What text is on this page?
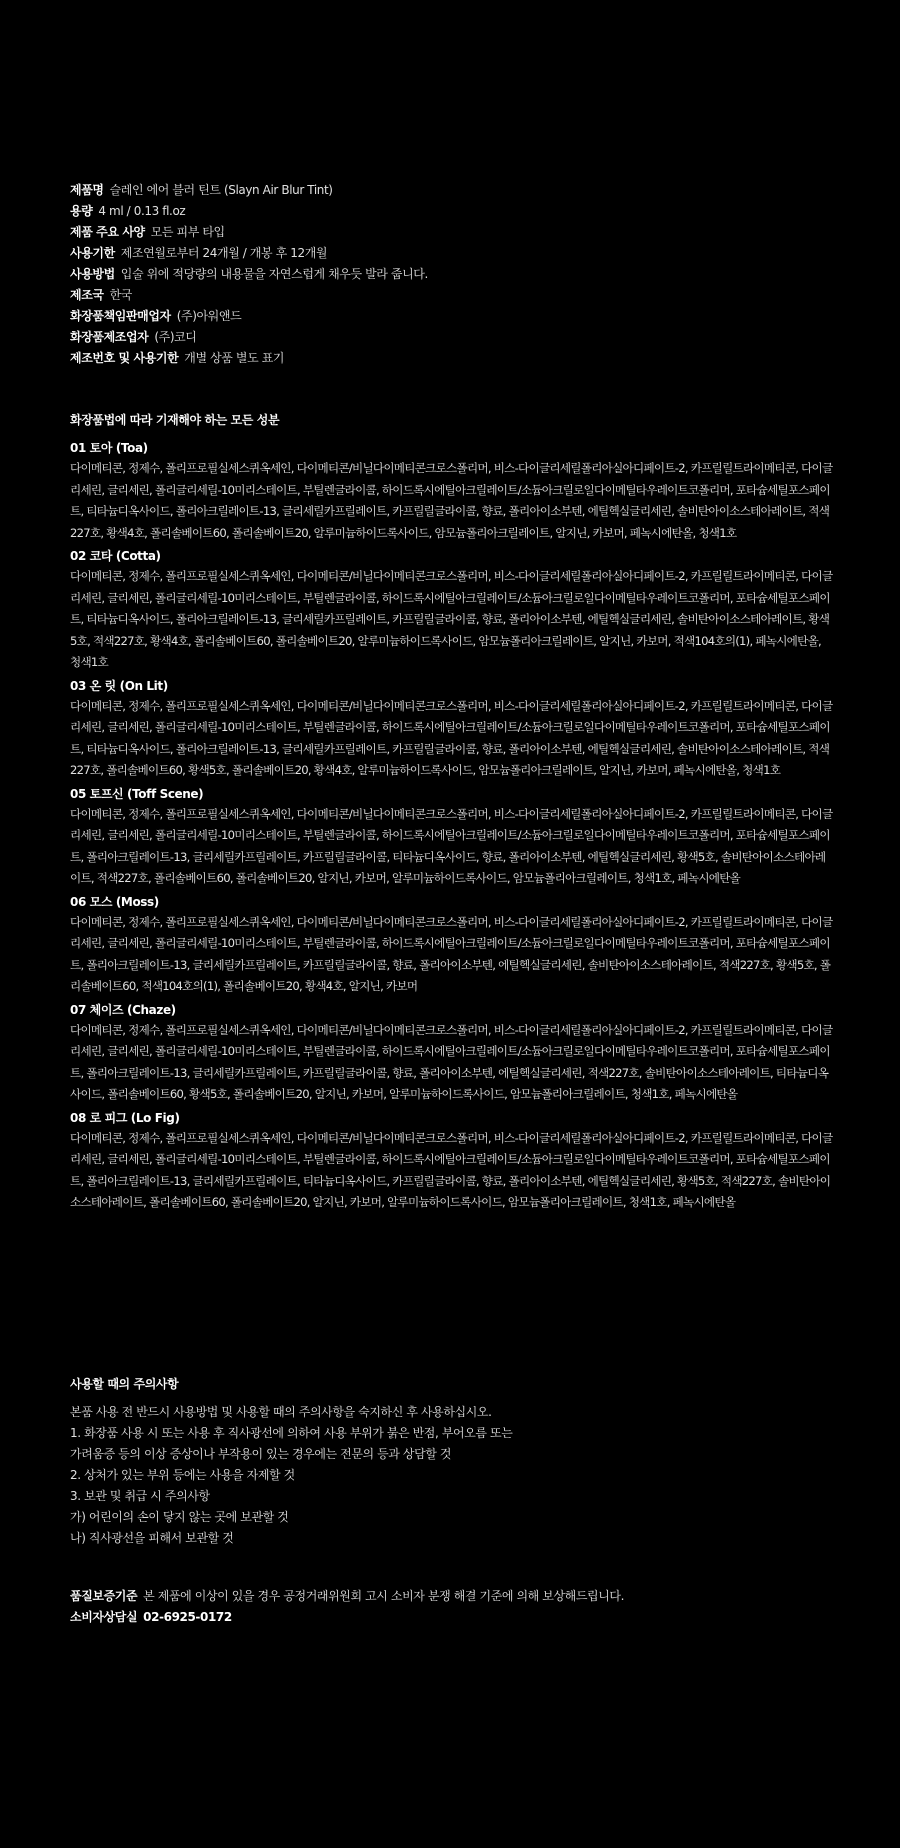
제품명 슬레인 에어 블러 틴트 (Slayn Air Blur Tint)
용량 4 ml / 0.13 fl.oz
제품 주요 사양 모든 피부 타입
사용기한 제조연월로부터 24개월 / 개봉 후 12개월
사용방법 입술 위에 적당량의 내용물을 자연스럽게 채우듯 발라 줍니다.
제조국 한국
화장품책임판매업자 (주)아워앤드
화장품제조업자 (주)코디
제조번호 및 사용기한 개별 상품 별도 표기
화장품법에 따라 기재해야 하는 모든 성분
01 토아 (Toa)
다이메티콘, 정제수, 폴리프로필실세스퀴옥세인, 다이메티콘/비닐다이메티콘크로스폴리머, 비스-다이글리세릴폴리아실아디페이트-2, 카프릴릴트라이메티콘, 다이글리세린, 글리세린, 폴리글리세릴-10미리스테이트, 부틸렌글라이콜, 하이드록시에틸아크릴레이트/소듐아크릴로일다이메틸타우레이트코폴리머, 포타슘세틸포스페이트, 티타늄디옥사이드, 폴리아크릴레이트-13, 글리세릴카프릴레이트, 카프릴릴글라이콜, 향료, 폴리아이소부텐, 에틸헥실글리세린, 솔비탄아이소스테아레이트, 적색227호, 황색4호, 폴리솔베이트60, 폴리솔베이트20, 알루미늄하이드록사이드, 암모늄폴리아크릴레이트, 알지닌, 카보머, 페녹시에탄올, 청색1호
02 코타 (Cotta)
다이메티콘, 정제수, 폴리프로필실세스퀴옥세인, 다이메티콘/비닐다이메티콘크로스폴리머, 비스-다이글리세릴폴리아실아디페이트-2, 카프릴릴트라이메티콘, 다이글리세린, 글리세린, 폴리글리세릴-10미리스테이트, 부틸렌글라이콜, 하이드록시에틸아크릴레이트/소듐아크릴로일다이메틸타우레이트코폴리머, 포타슘세틸포스페이트, 티타늄디옥사이드, 폴리아크릴레이트-13, 글리세릴카프릴레이트, 카프릴릴글라이콜, 향료, 폴리아이소부텐, 에틸헥실글리세린, 솔비탄아이소스테아레이트, 황색5호, 적색227호, 황색4호, 폴리솔베이트60, 폴리솔베이트20, 알루미늄하이드록사이드, 암모늄폴리아크릴레이트, 알지닌, 카보머, 적색104호의(1), 페녹시에탄올, 청색1호
03 온 릿 (On Lit)
다이메티콘, 정제수, 폴리프로필실세스퀴옥세인, 다이메티콘/비닐다이메티콘크로스폴리머, 비스-다이글리세릴폴리아실아디페이트-2, 카프릴릴트라이메티콘, 다이글리세린, 글리세린, 폴리글리세릴-10미리스테이트, 부틸렌글라이콜, 하이드록시에틸아크릴레이트/소듐아크릴로일다이메틸타우레이트코폴리머, 포타슘세틸포스페이트, 티타늄디옥사이드, 폴리아크릴레이트-13, 글리세릴카프릴레이트, 카프릴릴글라이콜, 향료, 폴리아이소부텐, 에틸헥실글리세린, 솔비탄아이소스테아레이트, 적색227호, 폴리솔베이트60, 황색5호, 폴리솔베이트20, 황색4호, 알루미늄하이드록사이드, 암모늄폴리아크릴레이트, 알지닌, 카보머, 페녹시에탄올, 청색1호
05 토프신 (Toff Scene)
다이메티콘, 정제수, 폴리프로필실세스퀴옥세인, 다이메티콘/비닐다이메티콘크로스폴리머, 비스-다이글리세릴폴리아실아디페이트-2, 카프릴릴트라이메티콘, 다이글리세린, 글리세린, 폴리글리세릴-10미리스테이트, 부틸렌글라이콜, 하이드록시에틸아크릴레이트/소듐아크릴로일다이메틸타우레이트코폴리머, 포타슘세틸포스페이트, 폴리아크릴레이트-13, 글리세릴카프릴레이트, 카프릴릴글라이콜, 티타늄디옥사이드, 향료, 폴리아이소부텐, 에틸헥실글리세린, 황색5호, 솔비탄아이소스테아레이트, 적색227호, 폴리솔베이트60, 폴리솔베이트20, 알지닌, 카보머, 알루미늄하이드록사이드, 암모늄폴리아크릴레이트, 청색1호, 페녹시에탄올
06 모스 (Moss)
다이메티콘, 정제수, 폴리프로필실세스퀴옥세인, 다이메티콘/비닐다이메티콘크로스폴리머, 비스-다이글리세릴폴리아실아디페이트-2, 카프릴릴트라이메티콘, 다이글리세린, 글리세린, 폴리글리세릴-10미리스테이트, 부틸렌글라이콜, 하이드록시에틸아크릴레이트/소듐아크릴로일다이메틸타우레이트코폴리머, 포타슘세틸포스페이트, 폴리아크릴레이트-13, 글리세릴카프릴레이트, 카프릴릴글라이콜, 향료, 폴리아이소부텐, 에틸헥실글리세린, 솔비탄아이소스테아레이트, 적색227호, 황색5호, 폴리솔베이트60, 적색104호의(1), 폴리솔베이트20, 황색4호, 알지닌, 카보머
07 체이즈 (Chaze)
다이메티콘, 정제수, 폴리프로필실세스퀴옥세인, 다이메티콘/비닐다이메티콘크로스폴리머, 비스-다이글리세릴폴리아실아디페이트-2, 카프릴릴트라이메티콘, 다이글리세린, 글리세린, 폴리글리세릴-10미리스테이트, 부틸렌글라이콜, 하이드록시에틸아크릴레이트/소듐아크릴로일다이메틸타우레이트코폴리머, 포타슘세틸포스페이트, 폴리아크릴레이트-13, 글리세릴카프릴레이트, 카프릴릴글라이콜, 향료, 폴리아이소부텐, 에틸헥실글리세린, 적색227호, 솔비탄아이소스테아레이트, 티타늄디옥사이드, 폴리솔베이트60, 황색5호, 폴리솔베이트20, 알지닌, 카보머, 알루미늄하이드록사이드, 암모늄폴리아크릴레이트, 청색1호, 페녹시에탄올
08 로 피그 (Lo Fig)
다이메티콘, 정제수, 폴리프로필실세스퀴옥세인, 다이메티콘/비닐다이메티콘크로스폴리머, 비스-다이글리세릴폴리아실아디페이트-2, 카프릴릴트라이메티콘, 다이글리세린, 글리세린, 폴리글리세릴-10미리스테이트, 부틸렌글라이콜, 하이드록시에틸아크릴레이트/소듐아크릴로일다이메틸타우레이트코폴리머, 포타슘세틸포스페이트, 폴리아크릴레이트-13, 글리세릴카프릴레이트, 티타늄디옥사이드, 카프릴릴글라이콜, 향료, 폴리아이소부텐, 에틸헥실글리세린, 황색5호, 적색227호, 솔비탄아이소스테아레이트, 폴리솔베이트60, 폴리솔베이트20, 알지닌, 카보머, 알루미늄하이드록사이드, 암모늄폴리아크릴레이트, 청색1호, 페녹시에탄올
사용할 때의 주의사항
본품 사용 전 반드시 사용방법 및 사용할 때의 주의사항을 숙지하신 후 사용하십시오.
1. 화장품 사용 시 또는 사용 후 직사광선에 의하여 사용 부위가 붉은 반점, 부어오름 또는
가려움증 등의 이상 증상이나 부작용이 있는 경우에는 전문의 등과 상담할 것
2. 상처가 있는 부위 등에는 사용을 자제할 것
3. 보관 및 취급 시 주의사항
가) 어린이의 손이 닿지 않는 곳에 보관할 것
나) 직사광선을 피해서 보관할 것
품질보증기준 본 제품에 이상이 있을 경우 공정거래위원회 고시 소비자 분쟁 해결 기준에 의해 보상해드립니다.
소비자상담실 02-6925-0172
